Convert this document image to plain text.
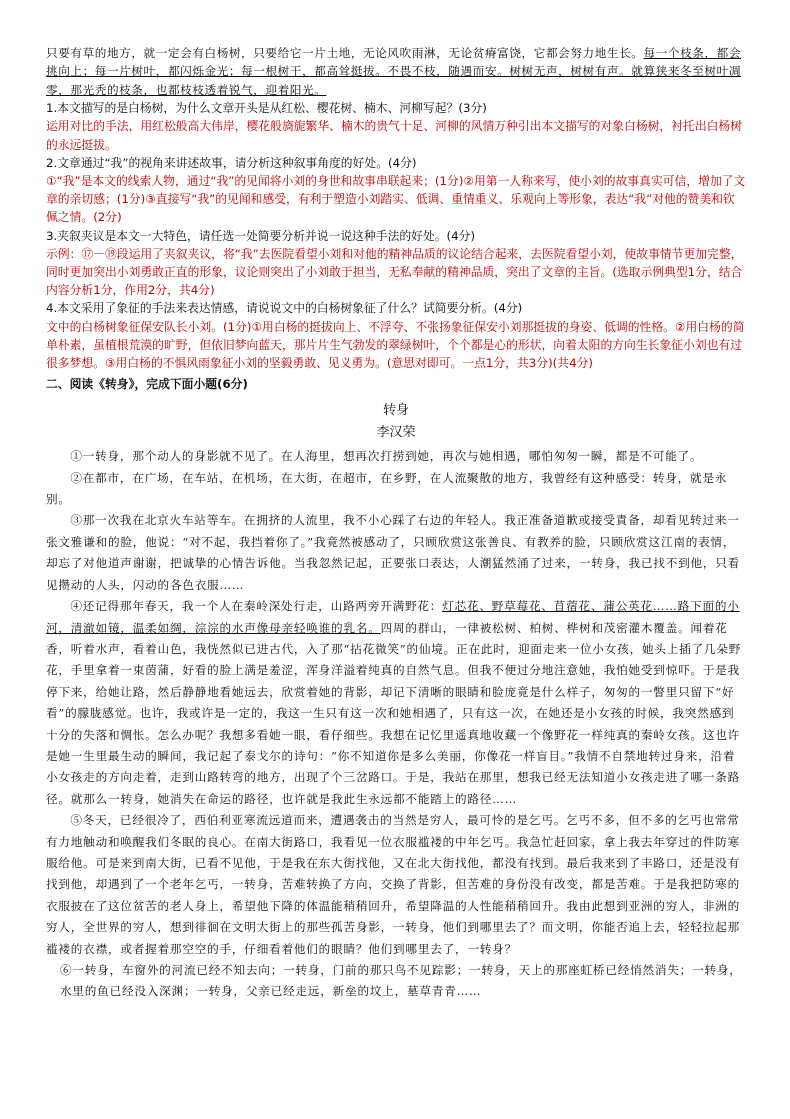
只要有草的地方，就一定会有白杨树，只要给它一片土地，无论风吹雨淋，无论贫瘠富饶，它都会努力地生长。每一个枝条，都会挑向上；每一片树叶，都闪烁金光；每一根树干，都高耸挺拔。不畏不枝，随遇而安。树树无声，树树有声。就算狭来冬至树叶凋零，那光秃的枝条，也都枝枝透着锐气，迎着阳光。

1.本文描写的是白杨树，为什么文章开头是从红松、樱花树、楠木、河柳写起？(3分)

运用对比的手法，用红松般高大伟岸，樱花般旖旎繁华、楠木的贵气十足、河柳的风情万种引出本文描写的对象白杨树，衬托出白杨树的永远挺拔。

2.文章通过“我”的视角来讲述故事，请分析这种叙事角度的好处。(4分)

①“我”是本文的线索人物，通过“我”的见闻将小刘的身世和故事串联起来；(1分)②用第一人称来写，使小刘的故事真实可信，增加了文章的亲切感；(1分)③直接写“我”的见闻和感受，有利于塑造小刘踏实、低调、重情重义、乐观向上等形象，表达“我”对他的赞美和钦佩之情。(2分)

3.夹叙夹议是本文一大特色，请任选一处简要分析并说一说这种手法的好处。(4分)

示例：⑰－⑲段运用了夹叙夹议，将“我”去医院看望小刘和对他的精神品质的议论结合起来，去医院看望小刘，使故事情节更加完整，同时更加突出小刘勇敢正直的形象，议论则突出了小刘敢于担当，无私奉献的精神品质，突出了文章的主旨。(选取示例典型1分，结合内容分析1分，作用2分，共4分)

4.本文采用了象征的手法来表达情感，请说说文中的白杨树象征了什么？试简要分析。(4分)

文中的白杨树象征保安队长小刘。(1分)①用白杨的挺拔向上、不浮夸、不张扬象征保安小刘那挺拔的身姿、低调的性格。②用白杨的简单朴素，虽植根荒漠的旷野，但依旧梦向蓝天，那片片生气勃发的翠绿树叶，个个都是心的形状，向着太阳的方向生长象征小刘也有过很多梦想。③用白杨的不惧风雨象征小刘的坚毅勇敢、见义勇为。(意思对即可。一点1分，共3分)(共4分)

二、阅读《转身》，完成下面小题(6分)

转身

李汉荣

①一转身，那个动人的身影就不见了。在人海里，想再次打捞到她，再次与她相遇，哪怕匆匆一瞬，都是不可能了。

②在都市，在广场，在车站，在机场，在大街，在超市，在乡野，在人流聚散的地方，我曾经有这种感受：转身，就是永别。

③那一次我在北京火车站等车。在拥挤的人流里，我不小心踩了右边的年轻人。我正准备道歉或接受責备，却看见转过来一张文雅谦和的脸，他说：“对不起，我挡着你了。”我竟然被感动了，只顾欣赏这张善良、有教养的脸，只顾欣赏这江南的表情，却忘了对他道声谢谢，把诚挚的心情告诉他。当我忽然记起，正要张口表达，人潮猛然涌了过来，一转身，我已找不到他，只看见攒动的人头，闪动的各色衣服……

④还记得那年春天，我一个人在秦岭深处行走，山路两旁开满野花：灯芯花、野草莓花、苜蓿花、蒲公英花……路下面的小河，清澈如镜，温柔如绸，淙淙的水声像母亲轻唤谁的乳名。四周的群山，一律被松树、柏树、桦树和茂密灌木覆盖。闻着花香，听着水声，看着山色，我恍然似已进古代，入了那“拈花微笑”的仙境。正在此时，迎面走来一位小女孩，她头上插了几朵野花，手里拿着一束茵蒲，好看的脸上满是羞涩，浑身洋溢着纯真的自然气息。但我不便过分地注意她，我怕她受到惊吓。于是我停下来，给她让路，然后静静地看她远去，欣赏着她的背影，却记下清晰的眼睛和脸庞竟是什么样子，匆匆的一瞥里只留下“好看”的朦胧感觉。也许，我或许是一定的，我这一生只有这一次和她相遇了，只有这一次，在她还是小女孩的时候，我突然感到十分的失落和惆怅。怎么办呢？我想多看她一眼，看仔细些。我想在记忆里遥真地收藏一个像野花一样纯真的秦岭女孩。这也许是她一生里最生动的瞬间，我记起了泰戈尔的诗句：“你不知道你是多么美丽，你像花一样盲目。”我情不自禁地转过身来，沿着小女孩走的方向走着，走到山路转弯的地方，出现了个三岔路口。于是，我站在那里，想我已经无法知道小女孩走进了哪一条路径。就那么一转身，她消失在命运的路径，也许就是我此生永远都不能踏上的路径……

⑤冬天，已经很冷了，西伯利亚寒流远道而来，遭遇袭击的当然是穷人，最可怜的是乞丐。乞丐不多，但不多的乞丐也常常有力地触动和唤醒我们冬眠的良心。在南大街路口，我看见一位衣服褴褛的中年乞丐。我急忙赶回家，拿上我去年穿过的件防寒服给他。可是来到南大街，已看不见他，于是我在东大街找他，又在北大街找他，都没有找到。最后我来到了丰路口，还是没有找到他，却遇到了一个老年乞丐，一转身，苦难转换了方向，交换了背影，但苦难的身份没有改变，都是苦难。于是我把防寒的衣服披在了这位贫苦的老人身上，希望他下降的体温能稍稍回升，希望降温的人性能稍稍回升。我由此想到亚洲的穷人，非洲的穷人，全世界的穷人，想到徘徊在文明大街上的那些孤苦身影，一转身，他们到哪里去了？而文明，你能否追上去，轻轻拉起那褴褛的衣襟，或者握着那空空的手，仔细看着他们的眼睛？他们到哪里去了，一转身？

⑥一转身，车窗外的河流已经不知去向；一转身，门前的那只鸟不见踪影；一转身，天上的那座虹桥已经悄然消失；一转身，水里的鱼已经没入深渊；一转身，父亲已经走远，新垒的坟上，墓草青青……
